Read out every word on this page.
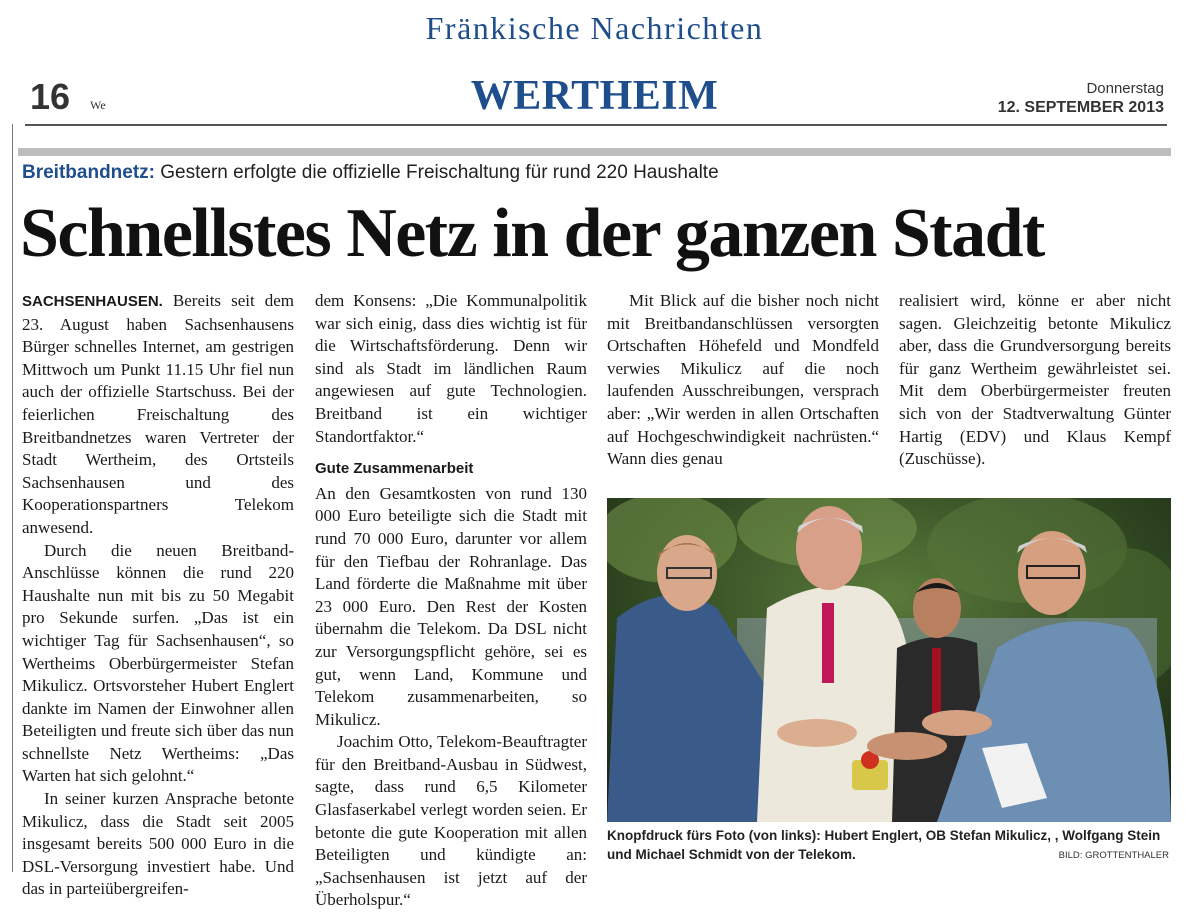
Fränkische Nachrichten
16 We	WERTHEIM	Donnerstag
12. SEPTEMBER 2013
Breitbandnetz: Gestern erfolgte die offizielle Freischaltung für rund 220 Haushalte
Schnellstes Netz in der ganzen Stadt

SACHSENHAUSEN. Bereits seit dem 23. August haben Sachsenhausens Bürger schnelles Internet, am gestrigen Mittwoch um Punkt 11.15 Uhr fiel nun auch der offizielle Startschuss. Bei der feierlichen Freischaltung des Breitbandnetzes waren Vertreter der Stadt Wertheim, des Ortsteils Sachsenhausen und des Kooperationspartners Telekom anwesend.

Durch die neuen Breitband-Anschlüsse können die rund 220 Haushalte nun mit bis zu 50 Megabit pro Sekunde surfen. „Das ist ein wichtiger Tag für Sachsenhausen“, so Wertheims Oberbürgermeister Stefan Mikulicz. Ortsvorsteher Hubert Englert dankte im Namen der Einwohner allen Beteiligten und freute sich über das nun schnellste Netz Wertheims: „Das Warten hat sich gelohnt.“

In seiner kurzen Ansprache betonte Mikulicz, dass die Stadt seit 2005 insgesamt bereits 500 000 Euro in die DSL-Versorgung investiert habe. Und das in parteiübergreifen-

dem Konsens: „Die Kommunalpolitik war sich einig, dass dies wichtig ist für die Wirtschaftsförderung. Denn wir sind als Stadt im ländlichen Raum angewiesen auf gute Technologien. Breitband ist ein wichtiger Standortfaktor.“

Gute Zusammenarbeit

An den Gesamtkosten von rund 130 000 Euro beteiligte sich die Stadt mit rund 70 000 Euro, darunter vor allem für den Tiefbau der Rohranlage. Das Land förderte die Maßnahme mit über 23 000 Euro. Den Rest der Kosten übernahm die Telekom. Da DSL nicht zur Versorgungspflicht gehöre, sei es gut, wenn Land, Kommune und Telekom zusammenarbeiten, so Mikulicz.

Joachim Otto, Telekom-Beauftragter für den Breitband-Ausbau in Südwest, sagte, dass rund 6,5 Kilometer Glasfaserkabel verlegt worden seien. Er betonte die gute Kooperation mit allen Beteiligten und kündigte an: „Sachsenhausen ist jetzt auf der Überholspur.“

Mit Blick auf die bisher noch nicht mit Breitbandanschlüssen versorgten Ortschaften Höhefeld und Mondfeld verwies Mikulicz auf die noch laufenden Ausschreibungen, versprach aber: „Wir werden in allen Ortschaften auf Hochgeschwindigkeit nachrüsten.“ Wann dies genau

realisiert wird, könne er aber nicht sagen. Gleichzeitig betonte Mikulicz aber, dass die Grundversorgung bereits für ganz Wertheim gewährleistet sei. Mit dem Oberbürgermeister freuten sich von der Stadtverwaltung Günter Hartig (EDV) und Klaus Kempf (Zuschüsse).

Knopfdruck fürs Foto (von links): Hubert Englert, OB Stefan Mikulicz, , Wolfgang Stein und Michael Schmidt von der Telekom.	BILD: GROTTENTHALER
